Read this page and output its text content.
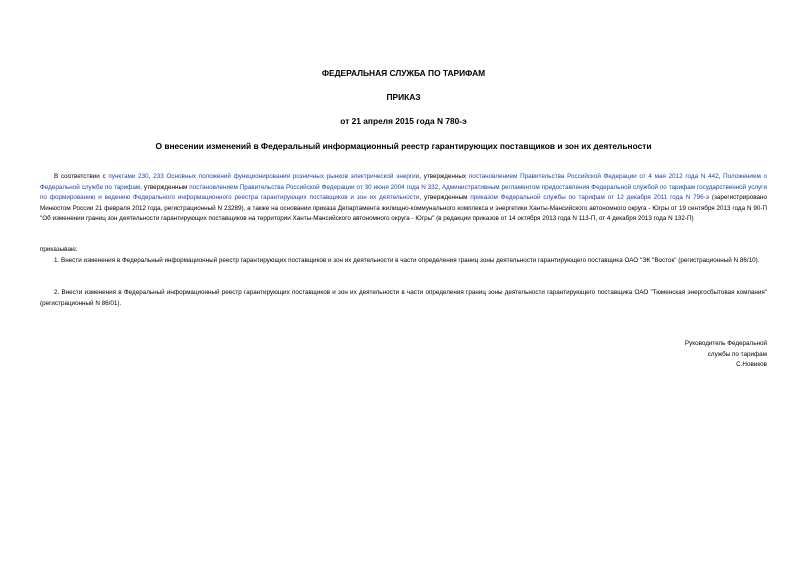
ФЕДЕРАЛЬНАЯ СЛУЖБА ПО ТАРИФАМ
ПРИКАЗ
от 21 апреля 2015 года N 780-э
О внесении изменений в Федеральный информационный реестр гарантирующих поставщиков и зон их деятельности
В соответствии с пунктами 230, 233 Основных положений функционирования розничных рынков электрической энергии, утвержденных постановлением Правительства Российской Федерации от 4 мая 2012 года N 442, Положением о Федеральной службе по тарифам, утвержденным постановлением Правительства Российской Федерации от 30 июня 2004 года N 332, Административным регламентом предоставления Федеральной службой по тарифам государственной услуги по формированию и ведению Федерального информационного реестра гарантирующих поставщиков и зон их деятельности, утвержденным приказом Федеральной службы по тарифам от 12 декабря 2011 года N 796-э (зарегистрировано Минюстом России 21 февраля 2012 года, регистрационный N 23289), а также на основании приказа Департамента жилищно-коммунального комплекса и энергетики Ханты-Мансийского автономного округа - Югры от 19 сентября 2013 года N 90-П "Об изменении границ зон деятельности гарантирующих поставщиков на территории Ханты-Мансийского автономного округа - Югры" (в редакции приказов от 14 октября 2013 года N 113-П, от 4 декабря 2013 года N 132-П)
приказываю:
1. Внести изменения в Федеральный информационный реестр гарантирующих поставщиков и зон их деятельности в части определения границ зоны деятельности гарантирующего поставщика ОАО "ЭК "Восток" (регистрационный N 86/10).
2. Внести изменения в Федеральный информационный реестр гарантирующих поставщиков и зон их деятельности в части определения границ зоны деятельности гарантирующего поставщика ОАО "Тюменская энергосбытовая компания" (регистрационный N 86/01).
Руководитель Федеральной
службы по тарифам
С.Новиков
